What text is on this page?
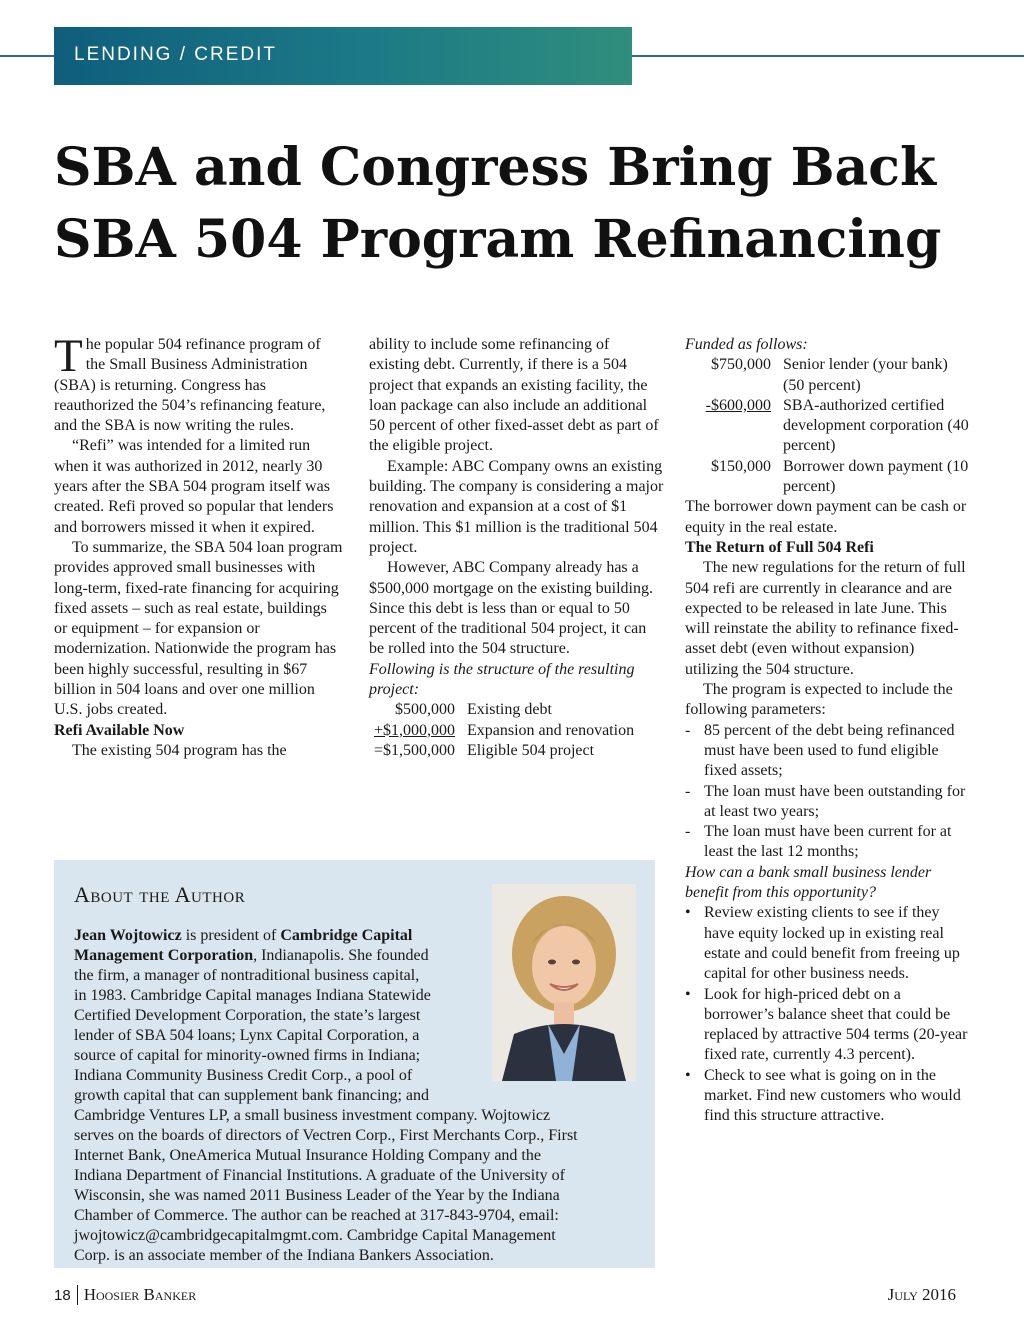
LENDING / CREDIT
SBA and Congress Bring Back
SBA 504 Program Refinancing

The popular 504 refinance program of the Small Business Administration (SBA) is returning. Congress has reauthorized the 504’s refinancing feature, and the SBA is now writing the rules.

“Refi” was intended for a limited run when it was authorized in 2012, nearly 30 years after the SBA 504 program itself was created. Refi proved so popular that lenders and borrowers missed it when it expired.

To summarize, the SBA 504 loan program provides approved small businesses with long-term, fixed-rate financing for acquiring fixed assets – such as real estate, buildings or equipment – for expansion or modernization. Nationwide the program has been highly successful, resulting in $67 billion in 504 loans and over one million U.S. jobs created.

Refi Available Now

The existing 504 program has the

ability to include some refinancing of existing debt. Currently, if there is a 504 project that expands an existing facility, the loan package can also include an additional 50 percent of other fixed-asset debt as part of the eligible project.

Example: ABC Company owns an existing building. The company is considering a major renovation and expansion at a cost of $1 million. This $1 million is the traditional 504 project.

However, ABC Company already has a $500,000 mortgage on the existing building. Since this debt is less than or equal to 50 percent of the traditional 504 project, it can be rolled into the 504 structure.

Following is the structure of the resulting project:

$500,000 Existing debt
+$1,000,000 Expansion and renovation
=$1,500,000 Eligible 504 project

Funded as follows:

$750,000 Senior lender (your bank) (50 percent)
-$600,000 SBA-authorized certified development corporation (40 percent)
$150,000 Borrower down payment (10 percent)

The borrower down payment can be cash or equity in the real estate.

The Return of Full 504 Refi

The new regulations for the return of full 504 refi are currently in clearance and are expected to be released in late June. This will reinstate the ability to refinance fixed-asset debt (even without expansion) utilizing the 504 structure.

The program is expected to include the following parameters:

- 85 percent of the debt being refinanced must have been used to fund eligible fixed assets;
- The loan must have been outstanding for at least two years;
- The loan must have been current for at least the last 12 months;

How can a bank small business lender benefit from this opportunity?

• Review existing clients to see if they have equity locked up in existing real estate and could benefit from freeing up capital for other business needs.
• Look for high-priced debt on a borrower’s balance sheet that could be replaced by attractive 504 terms (20-year fixed rate, currently 4.3 percent).
• Check to see what is going on in the market. Find new customers who would find this structure attractive.
About the Author
Jean Wojtowicz is president of Cambridge Capital
Management Corporation, Indianapolis. She founded
the firm, a manager of nontraditional business capital,
in 1983. Cambridge Capital manages Indiana Statewide
Certified Development Corporation, the state’s largest
lender of SBA 504 loans; Lynx Capital Corporation, a
source of capital for minority-owned firms in Indiana;
Indiana Community Business Credit Corp., a pool of
growth capital that can supplement bank financing; and
Cambridge Ventures LP, a small business investment company. Wojtowicz
serves on the boards of directors of Vectren Corp., First Merchants Corp., First
Internet Bank, OneAmerica Mutual Insurance Holding Company and the
Indiana Department of Financial Institutions. A graduate of the University of
Wisconsin, she was named 2011 Business Leader of the Year by the Indiana
Chamber of Commerce. The author can be reached at 317-843-9704, email:
jwojtowicz@cambridgecapitalmgmt.com. Cambridge Capital Management
Corp. is an associate member of the Indiana Bankers Association.
18 Hoosier Banker	July 2016
